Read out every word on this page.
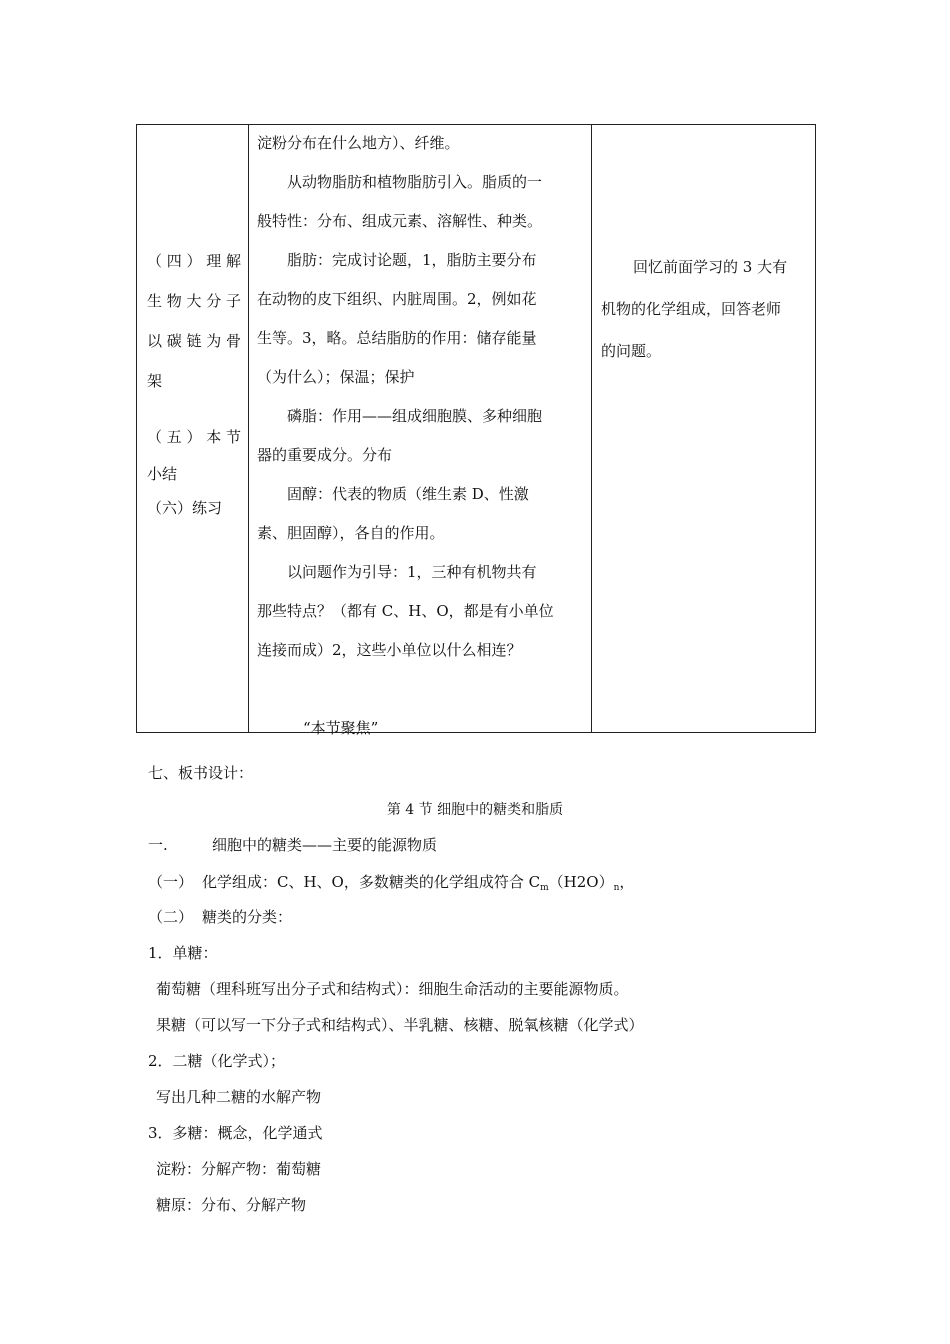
（四）理解
生物大分子
以碳链为骨
架
（五）本节
小结
（六）练习
淀粉分布在什么地方）、纤维。
从动物脂肪和植物脂肪引入。脂质的一
般特性：分布、组成元素、溶解性、种类。
脂肪：完成讨论题，1，脂肪主要分布
在动物的皮下组织、内脏周围。2，例如花
生等。3，略。总结脂肪的作用：储存能量
（为什么）；保温；保护
磷脂：作用——组成细胞膜、多种细胞
器的重要成分。分布
固醇：代表的物质（维生素 D、性激
素、胆固醇），各自的作用。
以问题作为引导：1，三种有机物共有
那些特点？（都有 C、H、O，都是有小单位
连接而成）2，这些小单位以什么相连？
“本节聚焦”
回忆前面学习的 3 大有
机物的化学组成，回答老师
的问题。
七、板书设计：
第 4 节 细胞中的糖类和脂质
一.	细胞中的糖类——主要的能源物质
（一） 化学组成：C、H、O，多数糖类的化学组成符合 $C_m(H2O)_n$，
（二） 糖类的分类：
1．单糖：
葡萄糖（理科班写出分子式和结构式）：细胞生命活动的主要能源物质。
果糖（可以写一下分子式和结构式）、半乳糖、核糖、脱氧核糖（化学式）
2．二糖（化学式）；
写出几种二糖的水解产物
3．多糖：概念，化学通式
淀粉：分解产物：葡萄糖
糖原：分布、分解产物
